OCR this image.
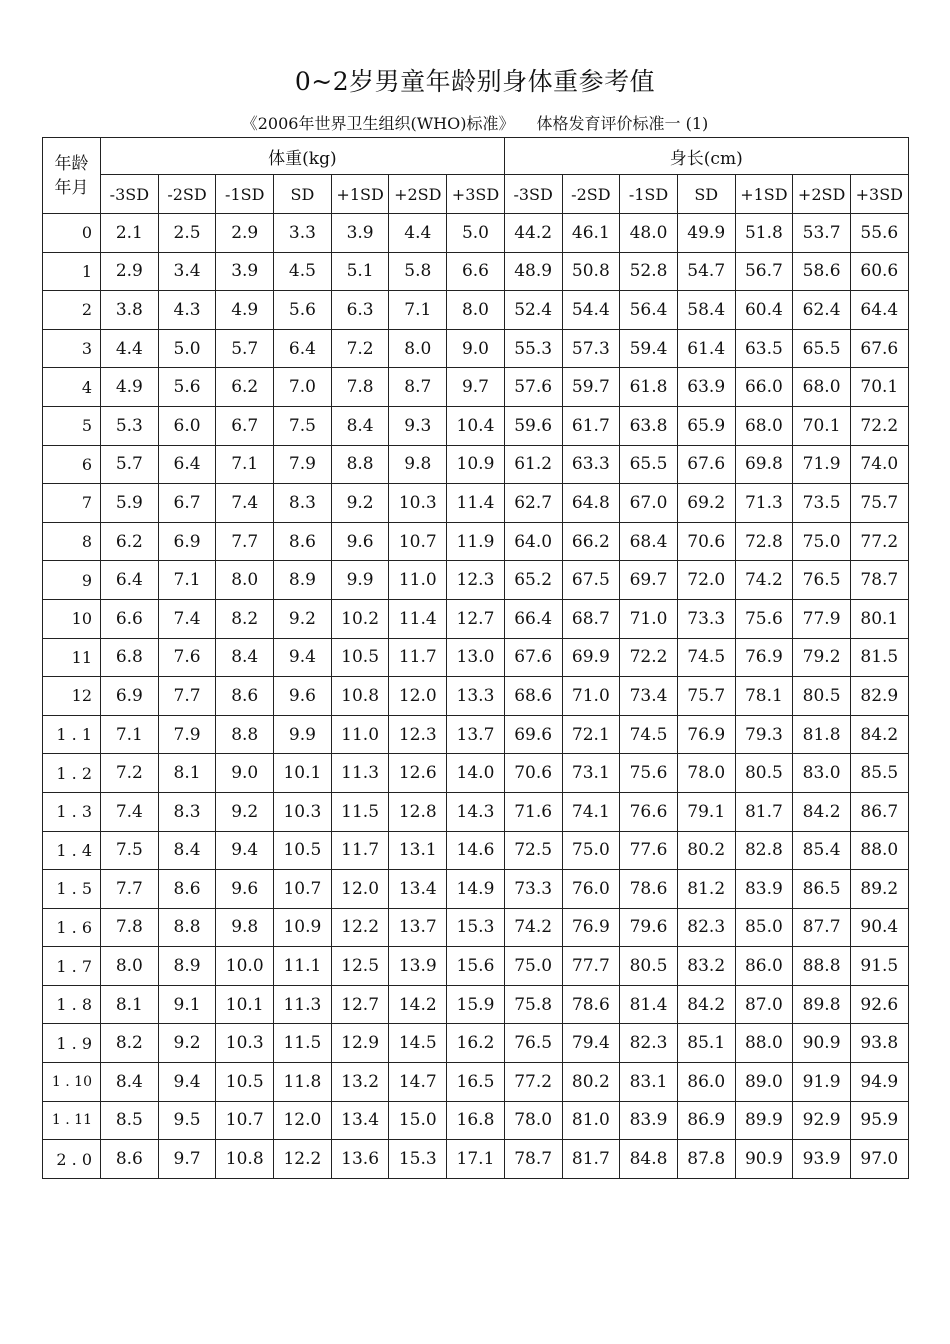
0~2岁男童年龄别身体重参考值
《2006年世界卫生组织(WHO)标准》 体格发育评价标准一 (1)
年龄
年月	体重(kg)							身长(cm)						
	-3SD	-2SD	-1SD	SD	+1SD	+2SD	+3SD	-3SD	-2SD	-1SD	SD	+1SD	+2SD	+3SD
0	2.1	2.5	2.9	3.3	3.9	4.4	5.0	44.2	46.1	48.0	49.9	51.8	53.7	55.6
1	2.9	3.4	3.9	4.5	5.1	5.8	6.6	48.9	50.8	52.8	54.7	56.7	58.6	60.6
2	3.8	4.3	4.9	5.6	6.3	7.1	8.0	52.4	54.4	56.4	58.4	60.4	62.4	64.4
3	4.4	5.0	5.7	6.4	7.2	8.0	9.0	55.3	57.3	59.4	61.4	63.5	65.5	67.6
4	4.9	5.6	6.2	7.0	7.8	8.7	9.7	57.6	59.7	61.8	63.9	66.0	68.0	70.1
5	5.3	6.0	6.7	7.5	8.4	9.3	10.4	59.6	61.7	63.8	65.9	68.0	70.1	72.2
6	5.7	6.4	7.1	7.9	8.8	9.8	10.9	61.2	63.3	65.5	67.6	69.8	71.9	74.0
7	5.9	6.7	7.4	8.3	9.2	10.3	11.4	62.7	64.8	67.0	69.2	71.3	73.5	75.7
8	6.2	6.9	7.7	8.6	9.6	10.7	11.9	64.0	66.2	68.4	70.6	72.8	75.0	77.2
9	6.4	7.1	8.0	8.9	9.9	11.0	12.3	65.2	67.5	69.7	72.0	74.2	76.5	78.7
10	6.6	7.4	8.2	9.2	10.2	11.4	12.7	66.4	68.7	71.0	73.3	75.6	77.9	80.1
11	6.8	7.6	8.4	9.4	10.5	11.7	13.0	67.6	69.9	72.2	74.5	76.9	79.2	81.5
12	6.9	7.7	8.6	9.6	10.8	12.0	13.3	68.6	71.0	73.4	75.7	78.1	80.5	82.9
1 . 1	7.1	7.9	8.8	9.9	11.0	12.3	13.7	69.6	72.1	74.5	76.9	79.3	81.8	84.2
1 . 2	7.2	8.1	9.0	10.1	11.3	12.6	14.0	70.6	73.1	75.6	78.0	80.5	83.0	85.5
1 . 3	7.4	8.3	9.2	10.3	11.5	12.8	14.3	71.6	74.1	76.6	79.1	81.7	84.2	86.7
1 . 4	7.5	8.4	9.4	10.5	11.7	13.1	14.6	72.5	75.0	77.6	80.2	82.8	85.4	88.0
1 . 5	7.7	8.6	9.6	10.7	12.0	13.4	14.9	73.3	76.0	78.6	81.2	83.9	86.5	89.2
1 . 6	7.8	8.8	9.8	10.9	12.2	13.7	15.3	74.2	76.9	79.6	82.3	85.0	87.7	90.4
1 . 7	8.0	8.9	10.0	11.1	12.5	13.9	15.6	75.0	77.7	80.5	83.2	86.0	88.8	91.5
1 . 8	8.1	9.1	10.1	11.3	12.7	14.2	15.9	75.8	78.6	81.4	84.2	87.0	89.8	92.6
1 . 9	8.2	9.2	10.3	11.5	12.9	14.5	16.2	76.5	79.4	82.3	85.1	88.0	90.9	93.8
1 . 10	8.4	9.4	10.5	11.8	13.2	14.7	16.5	77.2	80.2	83.1	86.0	89.0	91.9	94.9
1 . 11	8.5	9.5	10.7	12.0	13.4	15.0	16.8	78.0	81.0	83.9	86.9	89.9	92.9	95.9
2 . 0	8.6	9.7	10.8	12.2	13.6	15.3	17.1	78.7	81.7	84.8	87.8	90.9	93.9	97.0
